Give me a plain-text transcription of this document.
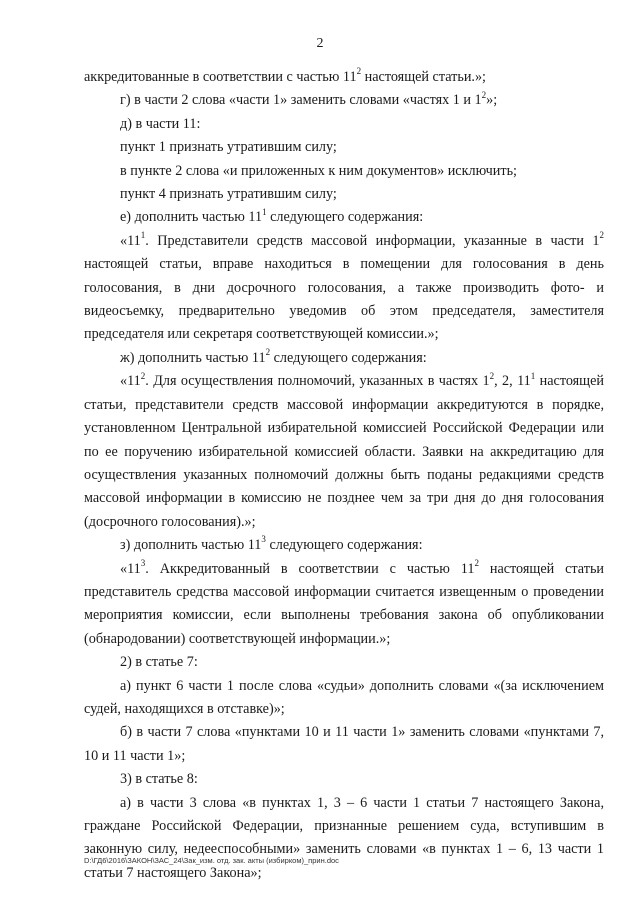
2

аккредитованные в соответствии с частью $11^2$ настоящей статьи.»;

г) в части 2 слова «части 1» заменить словами «частях 1 и $1^2$»;

д) в части 11:

пункт 1 признать утратившим силу;

в пункте 2 слова «и приложенных к ним документов» исключить;

пункт 4 признать утратившим силу;

е) дополнить частью $11^1$ следующего содержания:

«$11^1$. Представители средств массовой информации, указанные в части $1^2$ настоящей статьи, вправе находиться в помещении для голосования в день голосования, в дни досрочного голосования, а также производить фото- и видеосъемку, предварительно уведомив об этом председателя, заместителя председателя или секретаря соответствующей комиссии.»;

ж) дополнить частью $11^2$ следующего содержания:

«$11^2$. Для осуществления полномочий, указанных в частях $1^2$, 2, $11^1$ настоящей статьи, представители средств массовой информации аккредитуются в порядке, установленном Центральной избирательной комиссией Российской Федерации или по ее поручению избирательной комиссией области. Заявки на аккредитацию для осуществления указанных полномочий должны быть поданы редакциями средств массовой информации в комиссию не позднее чем за три дня до дня голосования (досрочного голосования).»;

з) дополнить частью $11^3$ следующего содержания:

«$11^3$. Аккредитованный в соответствии с частью $11^2$ настоящей статьи представитель средства массовой информации считается извещенным о проведении мероприятия комиссии, если выполнены требования закона об опубликовании (обнародовании) соответствующей информации.»;

2) в статье 7:

а) пункт 6 части 1 после слова «судьи» дополнить словами «(за исключением судей, находящихся в отставке)»;

б) в части 7 слова «пунктами 10 и 11 части 1» заменить словами «пунктами 7, 10 и 11 части 1»;

3) в статье 8:

а) в части 3 слова «в пунктах 1, 3 – 6 части 1 статьи 7 настоящего Закона, граждане Российской Федерации, признанные решением суда, вступившим в законную силу, недееспособными» заменить словами «в пунктах 1 – 6, 13 части 1 статьи 7 настоящего Закона»;

D:\ГД6\2016\ЗАКОН\ЗАС_24\Зак_изм. отд. зак. акты (избирком)_прин.doc
